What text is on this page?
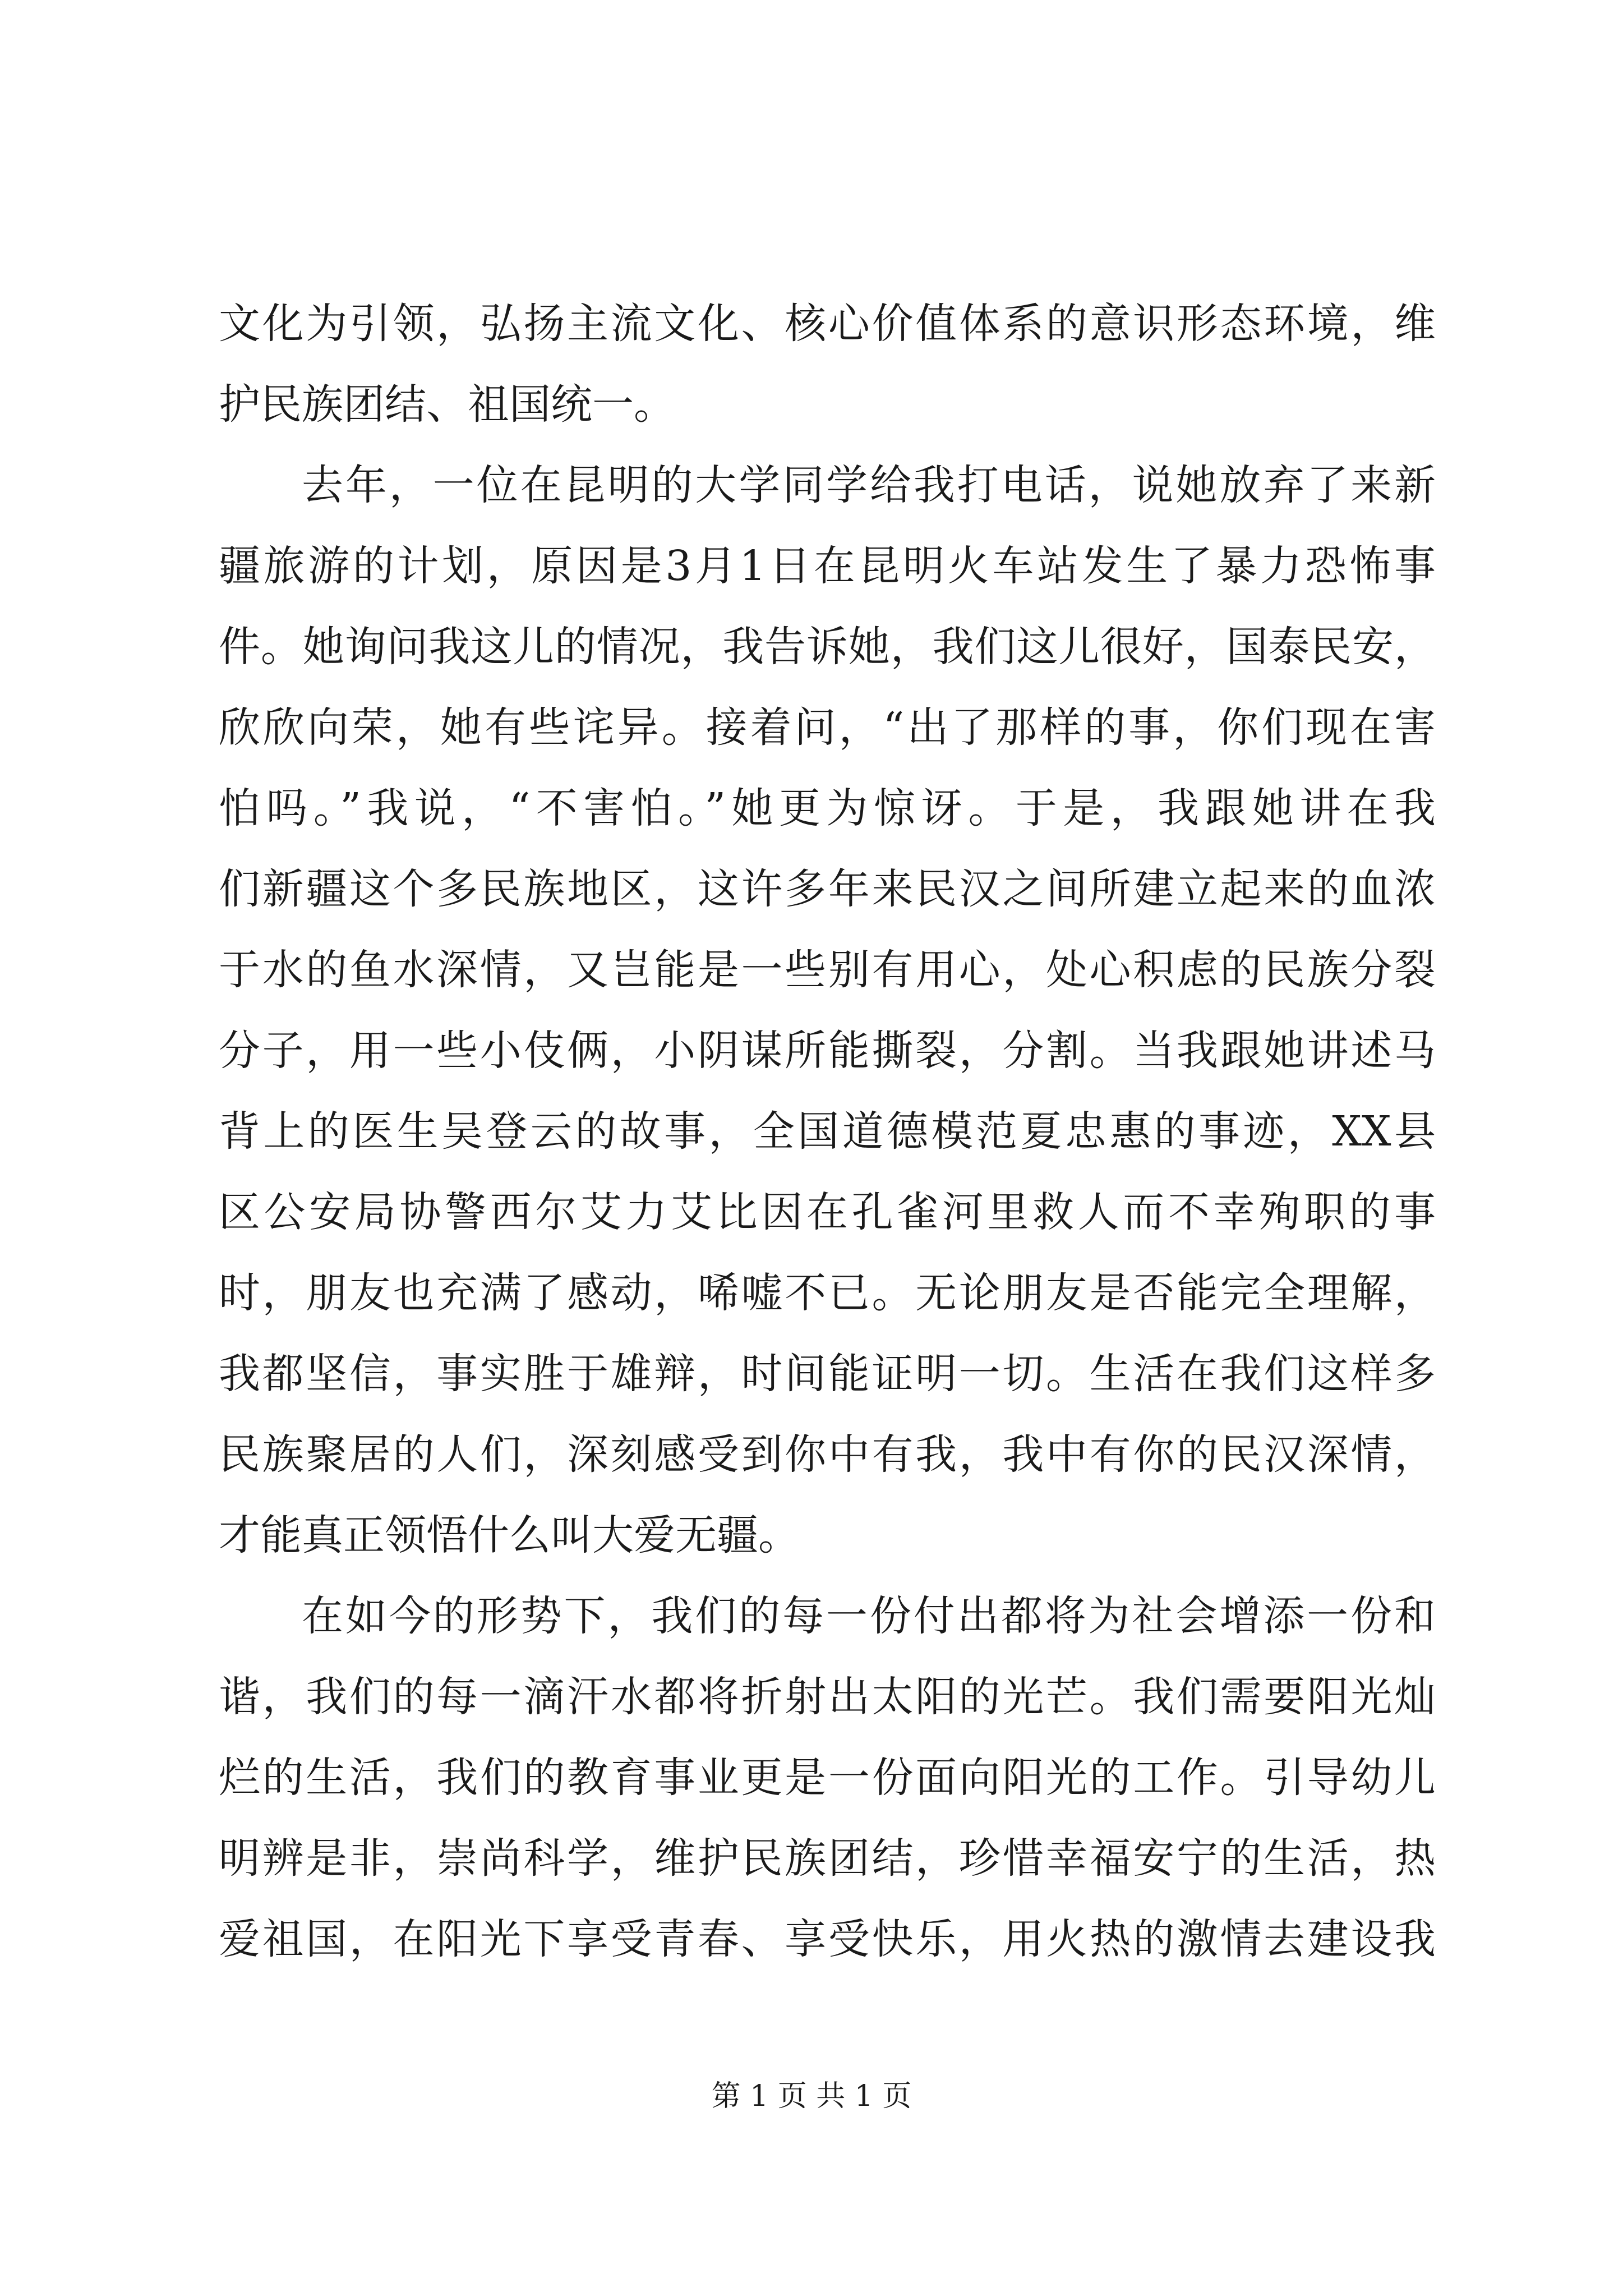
文化为引领，弘扬主流文化、核心价值体系的意识形态环境，维
护民族团结、祖国统一。
去年，一位在昆明的大学同学给我打电话，说她放弃了来新
疆旅游的计划，原因是3月1日在昆明火车站发生了暴力恐怖事
件。她询问我这儿的情况，我告诉她，我们这儿很好，国泰民安，
欣欣向荣，她有些诧异。接着问，“出了那样的事，你们现在害
怕吗。”我说，“不害怕。”她更为惊讶。于是，我跟她讲在我
们新疆这个多民族地区，这许多年来民汉之间所建立起来的血浓
于水的鱼水深情，又岂能是一些别有用心，处心积虑的民族分裂
分子，用一些小伎俩，小阴谋所能撕裂，分割。当我跟她讲述马
背上的医生吴登云的故事，全国道德模范夏忠惠的事迹，XX县
区公安局协警西尔艾力艾比因在孔雀河里救人而不幸殉职的事
时，朋友也充满了感动，唏嘘不已。无论朋友是否能完全理解，
我都坚信，事实胜于雄辩，时间能证明一切。生活在我们这样多
民族聚居的人们，深刻感受到你中有我，我中有你的民汉深情，
才能真正领悟什么叫大爱无疆。
在如今的形势下，我们的每一份付出都将为社会增添一份和
谐，我们的每一滴汗水都将折射出太阳的光芒。我们需要阳光灿
烂的生活，我们的教育事业更是一份面向阳光的工作。引导幼儿
明辨是非，崇尚科学，维护民族团结，珍惜幸福安宁的生活，热
爱祖国，在阳光下享受青春、享受快乐，用火热的激情去建设我
第 1 页 共 1 页
